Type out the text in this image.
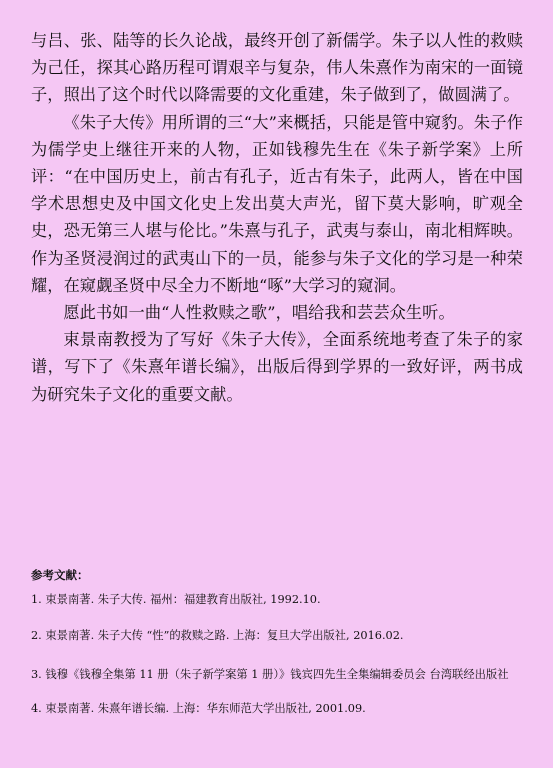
与吕、张、陆等的长久论战，最终开创了新儒学。朱子以人性的救赎为己任，探其心路历程可谓艰辛与复杂，伟人朱熹作为南宋的一面镜子，照出了这个时代以降需要的文化重建，朱子做到了，做圆满了。

《朱子大传》用所谓的三“大”来概括，只能是管中窥豹。朱子作为儒学史上继往开来的人物，正如钱穆先生在《朱子新学案》上所评：“在中国历史上，前古有孔子，近古有朱子，此两人，皆在中国学术思想史及中国文化史上发出莫大声光，留下莫大影响，旷观全史，恐无第三人堪与伦比。”朱熹与孔子，武夷与泰山，南北相辉映。作为圣贤浸润过的武夷山下的一员，能参与朱子文化的学习是一种荣耀，在窥觑圣贤中尽全力不断地“啄”大学习的窥洞。

愿此书如一曲“人性救赎之歌”，唱给我和芸芸众生听。

束景南教授为了写好《朱子大传》，全面系统地考查了朱子的家谱，写下了《朱熹年谱长编》，出版后得到学界的一致好评，两书成为研究朱子文化的重要文献。

参考文献：
1. 束景南著. 朱子大传. 福州：福建教育出版社, 1992.10.
2. 束景南著. 朱子大传 “性”的救赎之路. 上海：复旦大学出版社, 2016.02.
3. 钱穆《钱穆全集第 11 册（朱子新学案第 1 册）》钱宾四先生全集编辑委员会 台湾联经出版社
4. 束景南著. 朱熹年谱长编. 上海：华东师范大学出版社, 2001.09.
